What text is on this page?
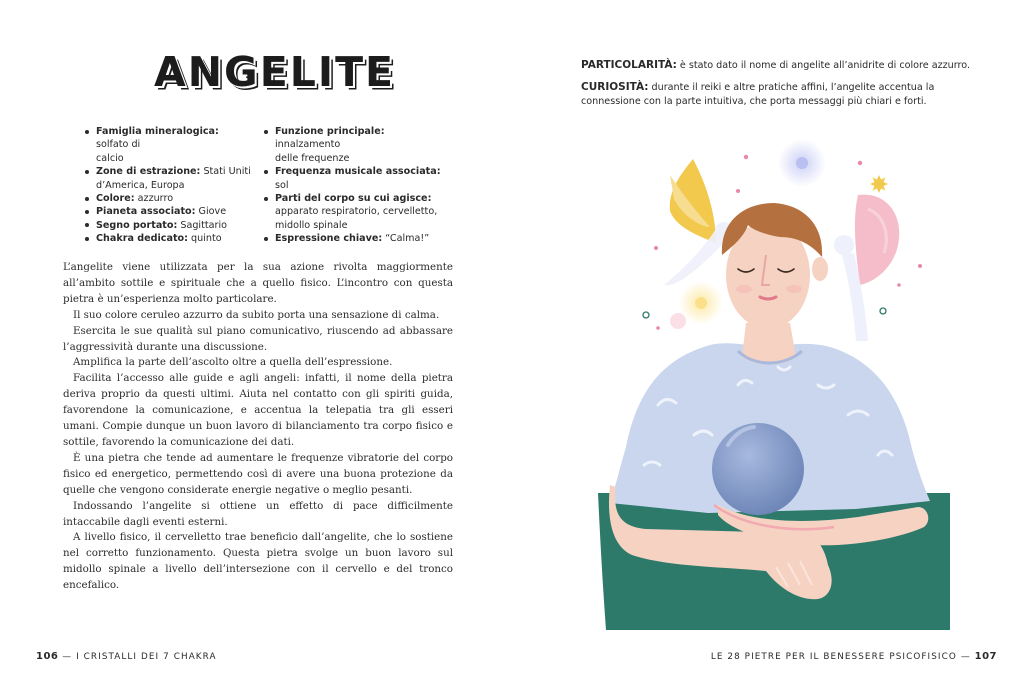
ANGELITE
Famiglia mineralogica: solfato di
calcio
Zone di estrazione: Stati Uniti
d’America, Europa
Colore: azzurro
Pianeta associato: Giove
Segno portato: Sagittario
Chakra dedicato: quinto
Funzione principale: innalzamento
delle frequenze
Frequenza musicale associata: sol
Parti del corpo su cui agisce:
apparato respiratorio, cervelletto,
midollo spinale
Espressione chiave: “Calma!”

L’angelite viene utilizzata per la sua azione rivolta maggiormente all’ambito sottile e spirituale che a quello fisico. L’incontro con questa pietra è un’esperienza molto particolare.

Il suo colore ceruleo azzurro da subito porta una sensazione di calma.

Esercita le sue qualità sul piano comunicativo, riuscendo ad abbassare l’aggressività durante una discussione.

Amplifica la parte dell’ascolto oltre a quella dell’espressione.

Facilita l’accesso alle guide e agli angeli: infatti, il nome della pietra deriva proprio da questi ultimi. Aiuta nel contatto con gli spiriti guida, favorendone la comunicazione, e accentua la telepatia tra gli esseri umani. Compie dunque un buon lavoro di bilanciamento tra corpo fisico e sottile, favorendo la comunicazione dei dati.

È una pietra che tende ad aumentare le frequenze vibratorie del corpo fisico ed energetico, permettendo così di avere una buona protezione da quelle che vengono considerate energie negative o meglio pesanti.

Indossando l’angelite si ottiene un effetto di pace difficilmente intaccabile dagli eventi esterni.

A livello fisico, il cervelletto trae beneficio dall’angelite, che lo sostiene nel corretto funzionamento. Questa pietra svolge un buon lavoro sul midollo spinale a livello dell’intersezione con il cervello e del tronco encefalico.

106 — I CRISTALLI DEI 7 CHAKRA

PARTICOLARITÀ: è stato dato il nome di angelite all’anidrite di colore azzurro.

CURIOSITÀ: durante il reiki e altre pratiche affini, l’angelite accentua la connessione con la parte intuitiva, che porta messaggi più chiari e forti.

LE 28 PIETRE PER IL BENESSERE PSICOFISICO — 107
